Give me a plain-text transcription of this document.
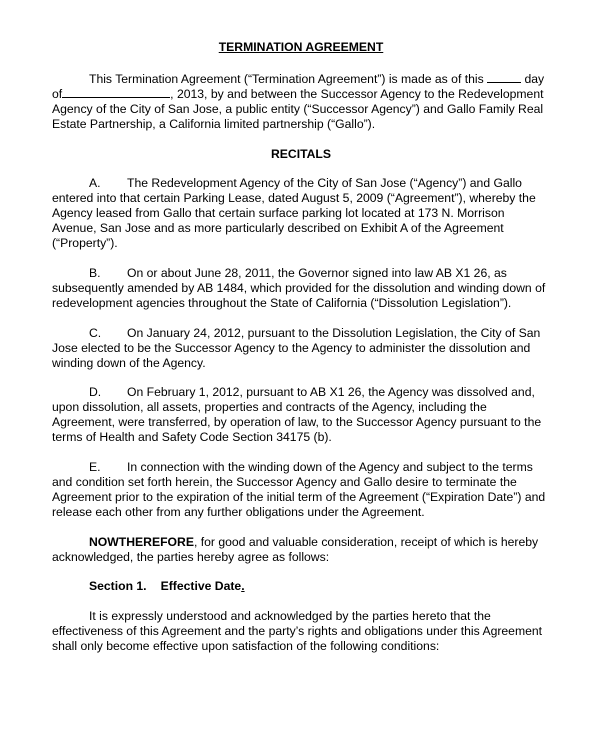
TERMINATION AGREEMENT

This Termination Agreement (“Termination Agreement”) is made as of this	day of	, 2013, by and between the Successor Agency to the Redevelopment Agency of the City of San Jose, a public entity (“Successor Agency”) and Gallo Family Real Estate Partnership, a California limited partnership (“Gallo”).

RECITALS

A. The Redevelopment Agency of the City of San Jose (“Agency”) and Gallo entered into that certain Parking Lease, dated August 5, 2009 (“Agreement”), whereby the Agency leased from Gallo that certain surface parking lot located at 173 N. Morrison Avenue, San Jose and as more particularly described on Exhibit A of the Agreement (“Property”).

B. On or about June 28, 2011, the Governor signed into law AB X1 26, as subsequently amended by AB 1484, which provided for the dissolution and winding down of redevelopment agencies throughout the State of California (“Dissolution Legislation”).

C. On January 24, 2012, pursuant to the Dissolution Legislation, the City of San Jose elected to be the Successor Agency to the Agency to administer the dissolution and winding down of the Agency.

D. On February 1, 2012, pursuant to AB X1 26, the Agency was dissolved and, upon dissolution, all assets, properties and contracts of the Agency, including the Agreement, were transferred, by operation of law, to the Successor Agency pursuant to the terms of Health and Safety Code Section 34175 (b).

E. In connection with the winding down of the Agency and subject to the terms and condition set forth herein, the Successor Agency and Gallo desire to terminate the Agreement prior to the expiration of the initial term of the Agreement (“Expiration Date”) and release each other from any further obligations under the Agreement.

NOWTHEREFORE, for good and valuable consideration, receipt of which is hereby acknowledged, the parties hereby agree as follows:

Section 1. Effective Date.

It is expressly understood and acknowledged by the parties hereto that the effectiveness of this Agreement and the party’s rights and obligations under this Agreement shall only become effective upon satisfaction of the following conditions:
